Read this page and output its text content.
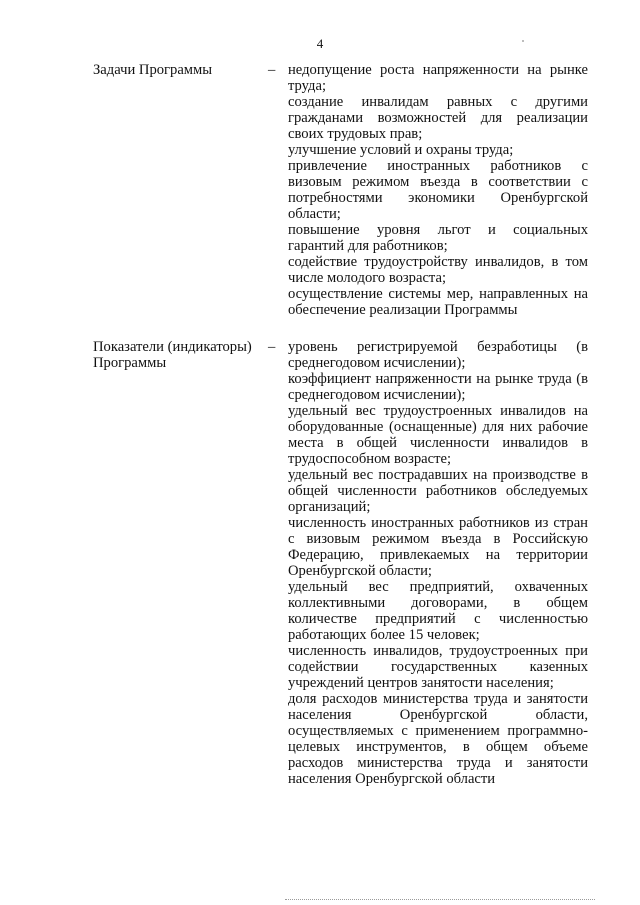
4
Задачи Программы	– недопущение роста напряженности на рынке труда;
создание инвалидам равных с другими гражданами возможностей для реализации своих трудовых прав;
улучшение условий и охраны труда;
привлечение иностранных работников с визовым режимом въезда в соответствии с потребностями экономики Оренбургской области;
повышение уровня льгот и социальных гарантий для работников;
содействие трудоустройству инвалидов, в том числе молодого возраста;
осуществление системы мер, направленных на обеспечение реализации Программы
Показатели (индикаторы)
Программы
– уровень регистрируемой безработицы (в среднегодовом исчислении);
коэффициент напряженности на рынке труда (в среднегодовом исчислении);
удельный вес трудоустроенных инвалидов на оборудованные (оснащенные) для них рабочие места в общей численности инвалидов в трудоспособном возрасте;
удельный вес пострадавших на производстве в общей численности работников обследуемых организаций;
численность иностранных работников из стран с визовым режимом въезда в Российскую Федерацию, привлекаемых на территории Оренбургской области;
удельный вес предприятий, охваченных коллективными договорами, в общем количестве предприятий с численностью работающих более 15 человек;
численность инвалидов, трудоустроенных при содействии государственных казенных учреждений центров занятости населения;
доля расходов министерства труда и занятости населения Оренбургской области, осуществляемых с применением программно-целевых инструментов, в общем объеме расходов министерства труда и занятости населения Оренбургской области
